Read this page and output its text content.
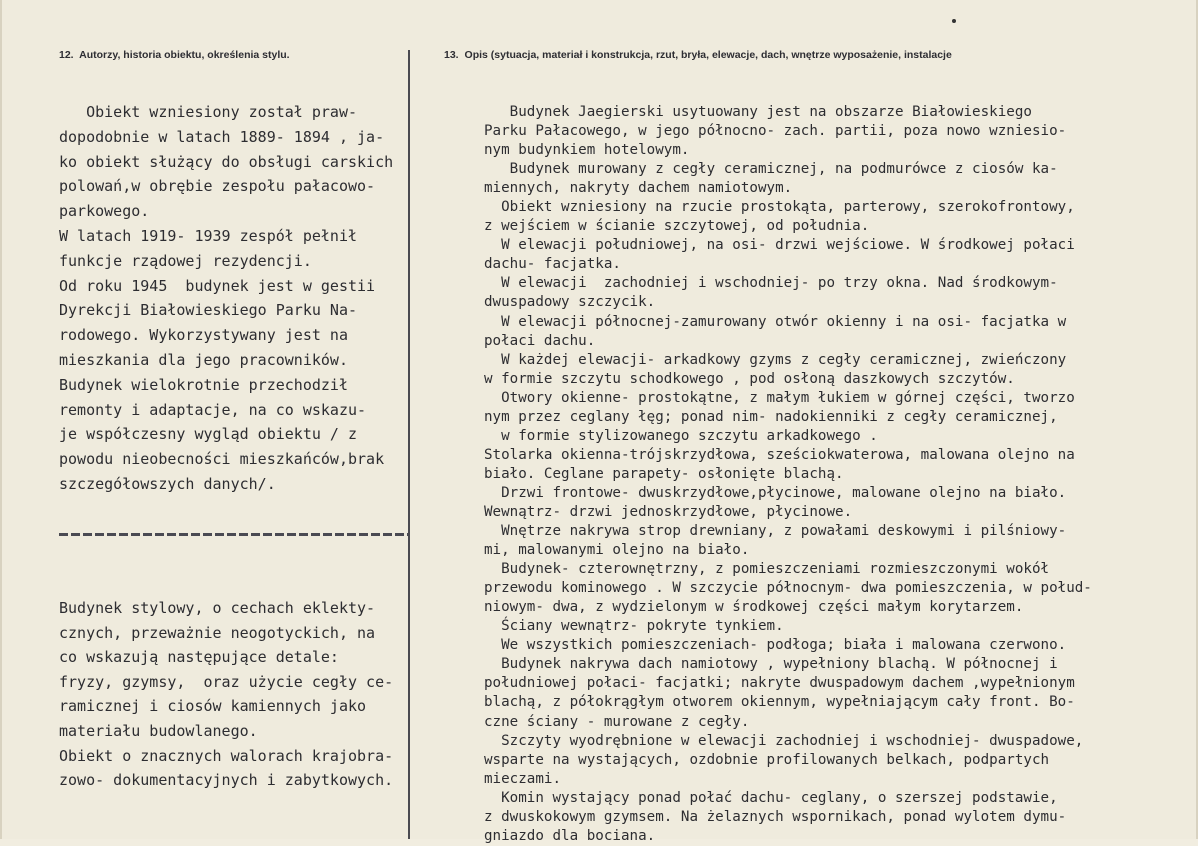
12. Autorzy, historia obiektu, określenia stylu.	13. Opis (sytuacja, materiał i konstrukcja, rzut, bryła, elewacje, dach, wnętrze wyposażenie, instalacje
Obiekt wzniesiony został praw-
dopodobnie w latach 1889- 1894 , ja-
ko obiekt służący do obsługi carskich
polowań,w obrębie zespołu pałacowo-
parkowego.
W latach 1919- 1939 zespół pełnił
funkcje rządowej rezydencji.
Od roku 1945  budynek jest w gestii
Dyrekcji Białowieskiego Parku Na-
rodowego. Wykorzystywany jest na
mieszkania dla jego pracowników.
Budynek wielokrotnie przechodził
remonty i adaptacje, na co wskazu-
je współczesny wygląd obiektu / z
powodu nieobecności mieszkańców,brak
szczegółowszych danych/.
Budynek stylowy, o cechach eklekty-
cznych, przeważnie neogotyckich, na
co wskazują następujące detale:
fryzy, gzymsy,  oraz użycie cegły ce-
ramicznej i ciosów kamiennych jako
materiału budowlanego.
Obiekt o znacznych walorach krajobra-
zowo- dokumentacyjnych i zabytkowych.
Budynek Jaegierski usytuowany jest na obszarze Białowieskiego
Parku Pałacowego, w jego północno- zach. partii, poza nowo wzniesio-
nym budynkiem hotelowym.
Budynek murowany z cegły ceramicznej, na podmurówce z ciosów ka-
miennych, nakryty dachem namiotowym.
Obiekt wzniesiony na rzucie prostokąta, parterowy, szerokofrontowy,
z wejściem w ścianie szczytowej, od południa.
W elewacji południowej, na osi- drzwi wejściowe. W środkowej połaci
dachu- facjatka.
W elewacji  zachodniej i wschodniej- po trzy okna. Nad środkowym-
dwuspadowy szczycik.
W elewacji północnej-zamurowany otwór okienny i na osi- facjatka w
połaci dachu.
W każdej elewacji- arkadkowy gzyms z cegły ceramicznej, zwieńczony
w formie szczytu schodkowego , pod osłoną daszkowych szczytów.
Otwory okienne- prostokątne, z małym łukiem w górnej części, tworzo
nym przez ceglany łęg; ponad nim- nadokienniki z cegły ceramicznej,
w formie stylizowanego szczytu arkadkowego .
Stolarka okienna-trójskrzydłowa, sześciokwaterowa, malowana olejno na
biało. Ceglane parapety- osłonięte blachą.
Drzwi frontowe- dwuskrzydłowe,płycinowe, malowane olejno na biało.
Wewnątrz- drzwi jednoskrzydłowe, płycinowe.
Wnętrze nakrywa strop drewniany, z powałami deskowymi i pilśniowy-
mi, malowanymi olejno na biało.
Budynek- czterownętrzny, z pomieszczeniami rozmieszczonymi wokół
przewodu kominowego . W szczycie północnym- dwa pomieszczenia, w połud-
niowym- dwa, z wydzielonym w środkowej części małym korytarzem.
Ściany wewnątrz- pokryte tynkiem.
We wszystkich pomieszczeniach- podłoga; biała i malowana czerwono.
Budynek nakrywa dach namiotowy , wypełniony blachą. W północnej i
południowej połaci- facjatki; nakryte dwuspadowym dachem ,wypełnionym
blachą, z półokrągłym otworem okiennym, wypełniającym cały front. Bo-
czne ściany - murowane z cegły.
Szczyty wyodrębnione w elewacji zachodniej i wschodniej- dwuspadowe,
wsparte na wystających, ozdobnie profilowanych belkach, podpartych
mieczami.
Komin wystający ponad połać dachu- ceglany, o szerszej podstawie,
z dwuskokowym gzymsem. Na żelaznych wspornikach, ponad wylotem dymu-
gniazdo dla bociana.
